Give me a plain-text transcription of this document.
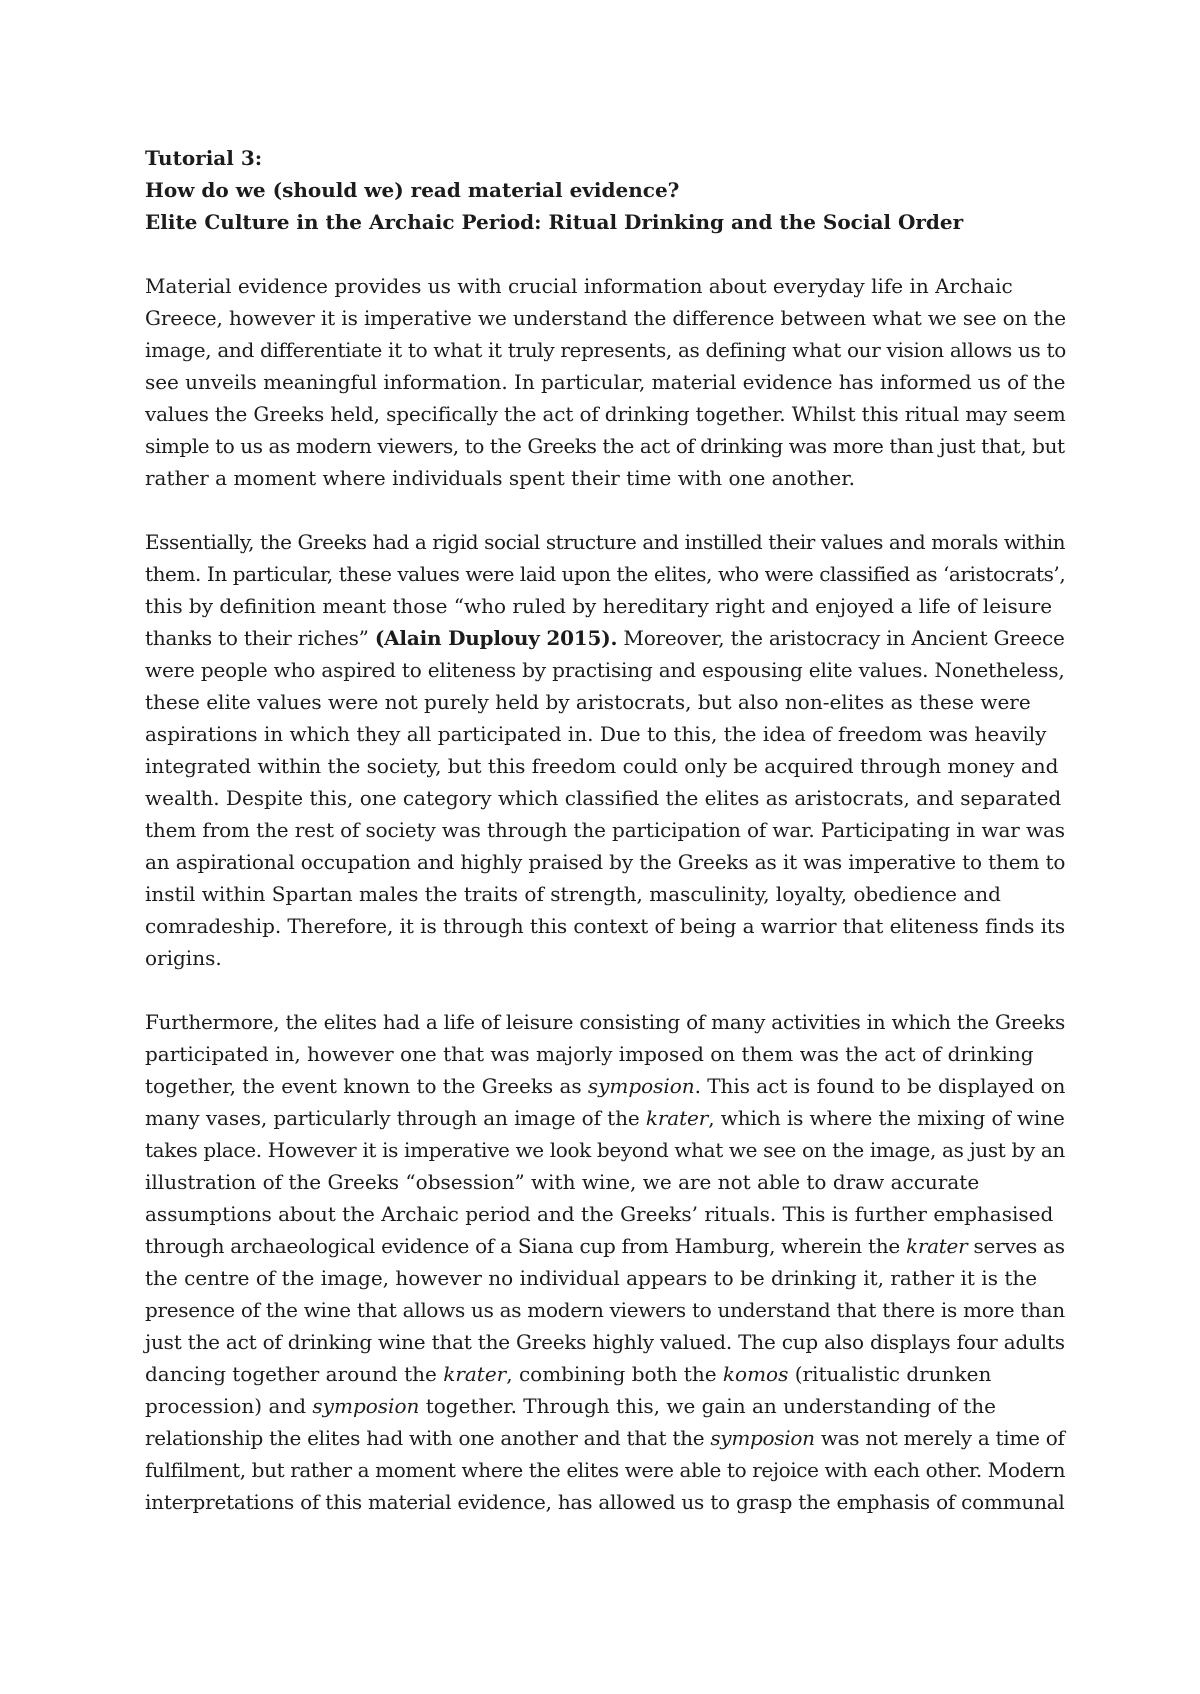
Tutorial 3:
How do we (should we) read material evidence?
Elite Culture in the Archaic Period: Ritual Drinking and the Social Order
Material evidence provides us with crucial information about everyday life in Archaic
Greece, however it is imperative we understand the difference between what we see on the
image, and differentiate it to what it truly represents, as defining what our vision allows us to
see unveils meaningful information. In particular, material evidence has informed us of the
values the Greeks held, specifically the act of drinking together. Whilst this ritual may seem
simple to us as modern viewers, to the Greeks the act of drinking was more than just that, but
rather a moment where individuals spent their time with one another.
Essentially, the Greeks had a rigid social structure and instilled their values and morals within
them. In particular, these values were laid upon the elites, who were classified as ‘aristocrats’,
this by definition meant those “who ruled by hereditary right and enjoyed a life of leisure
thanks to their riches” (Alain Duplouy 2015). Moreover, the aristocracy in Ancient Greece
were people who aspired to eliteness by practising and espousing elite values. Nonetheless,
these elite values were not purely held by aristocrats, but also non-elites as these were
aspirations in which they all participated in. Due to this, the idea of freedom was heavily
integrated within the society, but this freedom could only be acquired through money and
wealth. Despite this, one category which classified the elites as aristocrats, and separated
them from the rest of society was through the participation of war. Participating in war was
an aspirational occupation and highly praised by the Greeks as it was imperative to them to
instil within Spartan males the traits of strength, masculinity, loyalty, obedience and
comradeship. Therefore, it is through this context of being a warrior that eliteness finds its
origins.
Furthermore, the elites had a life of leisure consisting of many activities in which the Greeks
participated in, however one that was majorly imposed on them was the act of drinking
together, the event known to the Greeks as symposion. This act is found to be displayed on
many vases, particularly through an image of the krater, which is where the mixing of wine
takes place. However it is imperative we look beyond what we see on the image, as just by an
illustration of the Greeks “obsession” with wine, we are not able to draw accurate
assumptions about the Archaic period and the Greeks’ rituals. This is further emphasised
through archaeological evidence of a Siana cup from Hamburg, wherein the krater serves as
the centre of the image, however no individual appears to be drinking it, rather it is the
presence of the wine that allows us as modern viewers to understand that there is more than
just the act of drinking wine that the Greeks highly valued. The cup also displays four adults
dancing together around the krater, combining both the komos (ritualistic drunken
procession) and symposion together. Through this, we gain an understanding of the
relationship the elites had with one another and that the symposion was not merely a time of
fulfilment, but rather a moment where the elites were able to rejoice with each other. Modern
interpretations of this material evidence, has allowed us to grasp the emphasis of communal
